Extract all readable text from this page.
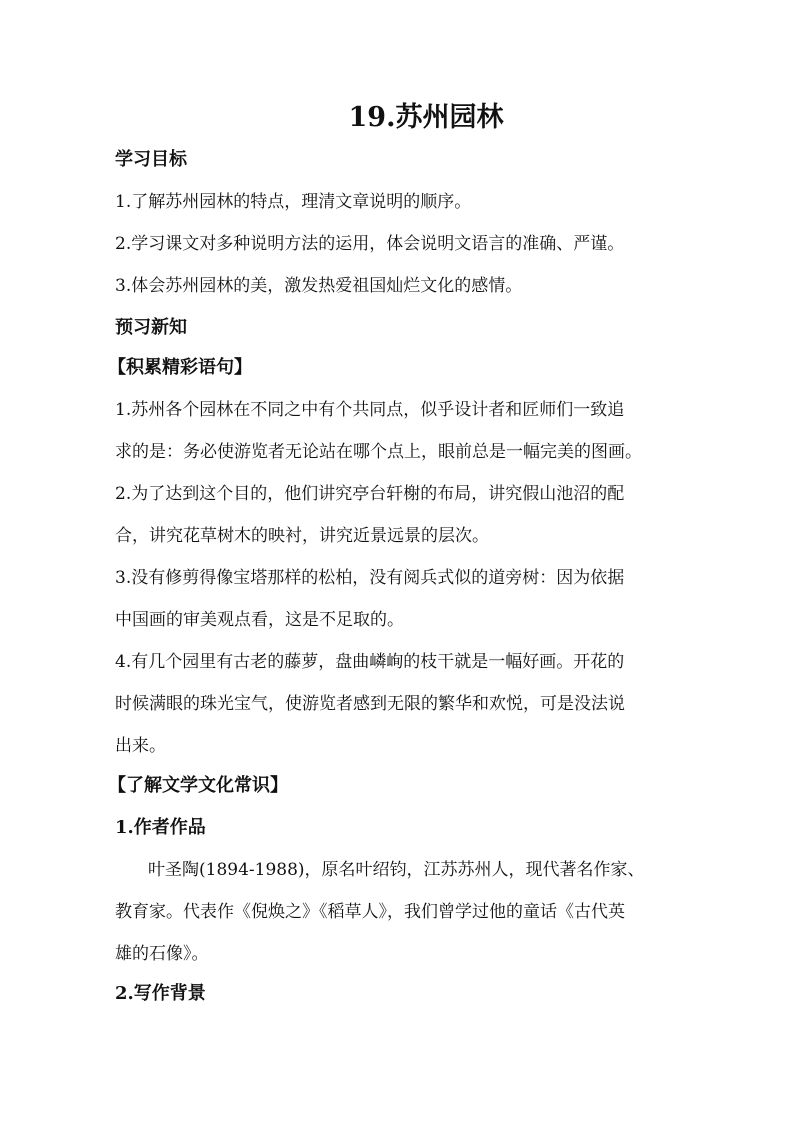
19.苏州园林
学习目标
1.了解苏州园林的特点，理清文章说明的顺序。
2.学习课文对多种说明方法的运用，体会说明文语言的准确、严谨。
3.体会苏州园林的美，激发热爱祖国灿烂文化的感情。
预习新知
【积累精彩语句】
1.苏州各个园林在不同之中有个共同点，似乎设计者和匠师们一致追
求的是：务必使游览者无论站在哪个点上，眼前总是一幅完美的图画。
2.为了达到这个目的，他们讲究亭台轩榭的布局，讲究假山池沼的配
合，讲究花草树木的映衬，讲究近景远景的层次。
3.没有修剪得像宝塔那样的松柏，没有阅兵式似的道旁树：因为依据
中国画的审美观点看，这是不足取的。
4.有几个园里有古老的藤萝，盘曲嶙峋的枝干就是一幅好画。开花的
时候满眼的珠光宝气，使游览者感到无限的繁华和欢悦，可是没法说
出来。
【了解文学文化常识】
1.作者作品
叶圣陶(1894-1988)，原名叶绍钧，江苏苏州人，现代著名作家、
教育家。代表作《倪焕之》《稻草人》，我们曾学过他的童话《古代英
雄的石像》。
2.写作背景
